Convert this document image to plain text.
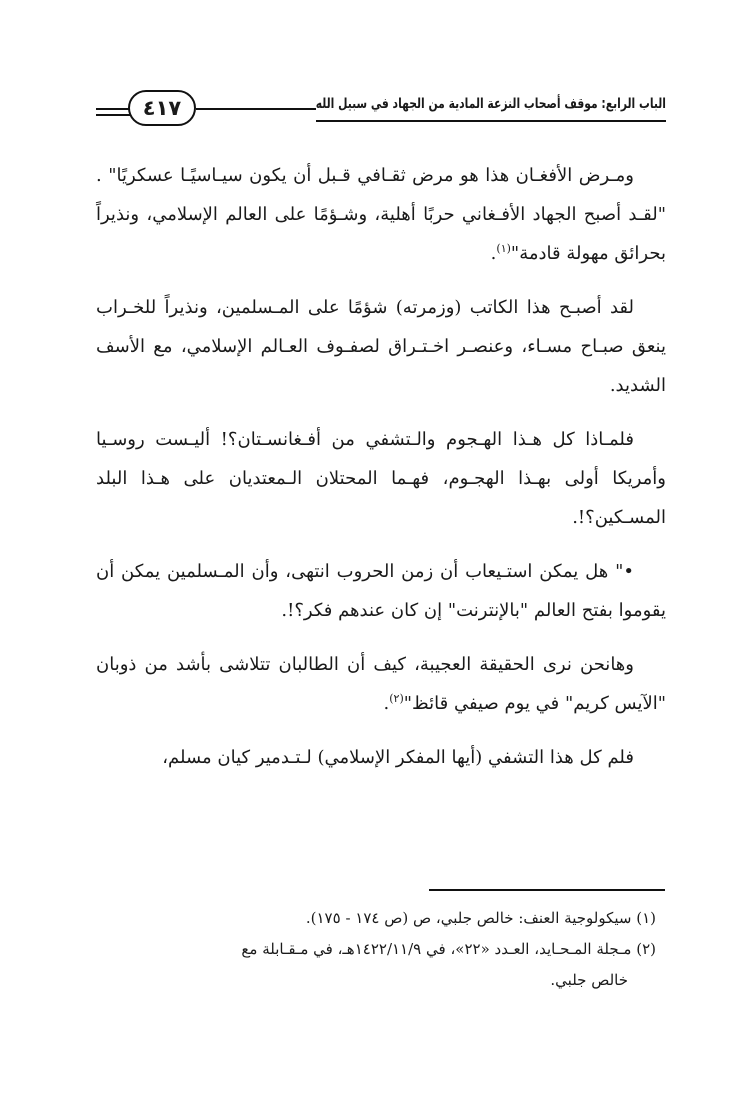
الباب الرابع: موقف أصحاب النزعة المادية من الجهاد في سبيل الله
٤١٧

ومـرض الأفغـان هذا هو مرض ثقـافي قـبل أن يكون سيـاسيًـا عسكريًا" . "لقـد أصبح الجهاد الأفـغاني حربًا أهلية، وشـؤمًا على العالم الإسلامي، ونذيراً بحرائق مهولة قادمة"$^{(١)}$.

لقد أصبـح هذا الكاتب (وزمرته) شؤمًا على المـسلمين، ونذيراً للخـراب ينعق صبـاح مسـاء، وعنصـر اخـتـراق لصفـوف العـالم الإسلامي، مع الأسف الشديد.

فلمـاذا كل هـذا الهـجوم والـتشفي من أفـغانسـتان؟! أليـست روسـيا وأمريكا أولى بهـذا الهجـوم، فهـما المحتلان الـمعتديان على هـذا البلد المسـكين؟!.

•" هل يمكن استـيعاب أن زمن الحروب انتهى، وأن المـسلمين يمكن أن يقوموا بفتح العالم "بالإنترنت" إن كان عندهم فكر؟!.

وهانحن نرى الحقيقة العجيبة، كيف أن الطالبان تتلاشى بأشد من ذوبان "الآيس كريم" في يوم صيفي قائظ"$^{(٢)}$.

فلم كل هذا التشفي (أيها المفكر الإسلامي) لـتـدمير كيان مسلم،

(١) سيكولوجية العنف: خالص جلبي، ص (ص ١٧٤ - ١٧٥).

(٢) مـجلة المـحـايد، العـدد «٢٢»، في ١٤٢٢/١١/٩هـ، في مـقـابلة مع

خالص جلبي.
